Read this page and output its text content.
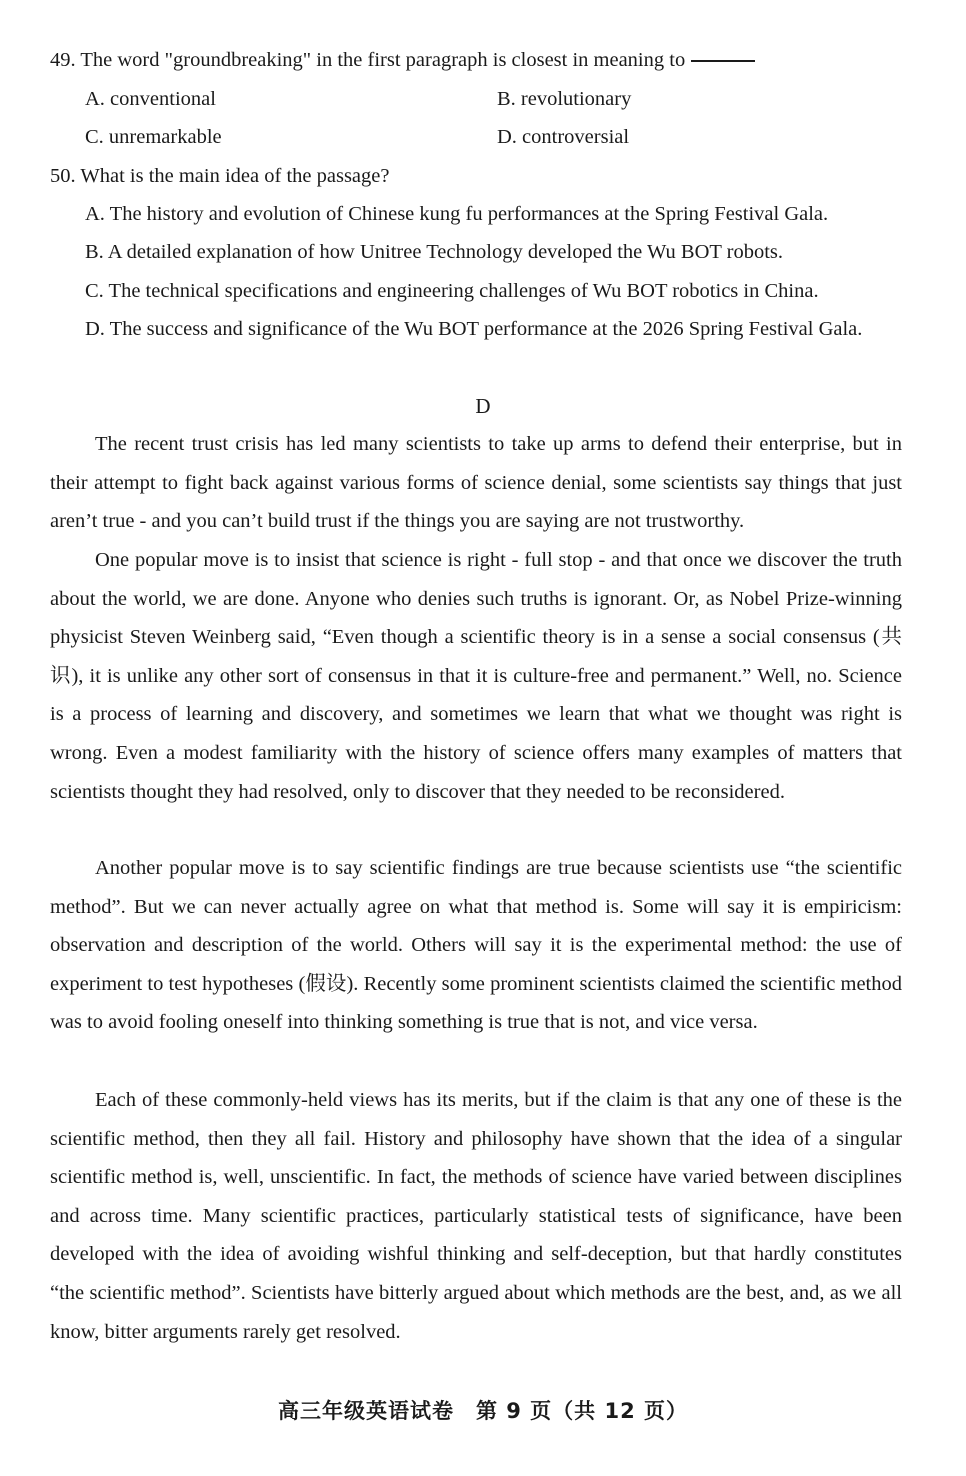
49. The word "groundbreaking" in the first paragraph is closest in meaning to
A. conventional	B. revolutionary
C. unremarkable	D. controversial
50. What is the main idea of the passage?
A. The history and evolution of Chinese kung fu performances at the Spring Festival Gala.
B. A detailed explanation of how Unitree Technology developed the Wu BOT robots.
C. The technical specifications and engineering challenges of Wu BOT robotics in China.
D. The success and significance of the Wu BOT performance at the 2026 Spring Festival Gala.
D

The recent trust crisis has led many scientists to take up arms to defend their enterprise, but in their attempt to fight back against various forms of science denial, some scientists say things that just aren’t true - and you can’t build trust if the things you are saying are not trustworthy.

One popular move is to insist that science is right - full stop - and that once we discover the truth about the world, we are done. Anyone who denies such truths is ignorant. Or, as Nobel Prize-winning physicist Steven Weinberg said, “Even though a scientific theory is in a sense a social consensus (共识), it is unlike any other sort of consensus in that it is culture-free and permanent.” Well, no. Science is a process of learning and discovery, and sometimes we learn that what we thought was right is wrong. Even a modest familiarity with the history of science offers many examples of matters that scientists thought they had resolved, only to discover that they needed to be reconsidered.

Another popular move is to say scientific findings are true because scientists use “the scientific method”. But we can never actually agree on what that method is. Some will say it is empiricism: observation and description of the world. Others will say it is the experimental method: the use of experiment to test hypotheses (假设). Recently some prominent scientists claimed the scientific method was to avoid fooling oneself into thinking something is true that is not, and vice versa.

Each of these commonly-held views has its merits, but if the claim is that any one of these is the scientific method, then they all fail. History and philosophy have shown that the idea of a singular scientific method is, well, unscientific. In fact, the methods of science have varied between disciplines and across time. Many scientific practices, particularly statistical tests of significance, have been developed with the idea of avoiding wishful thinking and self-deception, but that hardly constitutes “the scientific method”. Scientists have bitterly argued about which methods are the best, and, as we all know, bitter arguments rarely get resolved.

高三年级英语试卷　第 9 页（共 12 页）
